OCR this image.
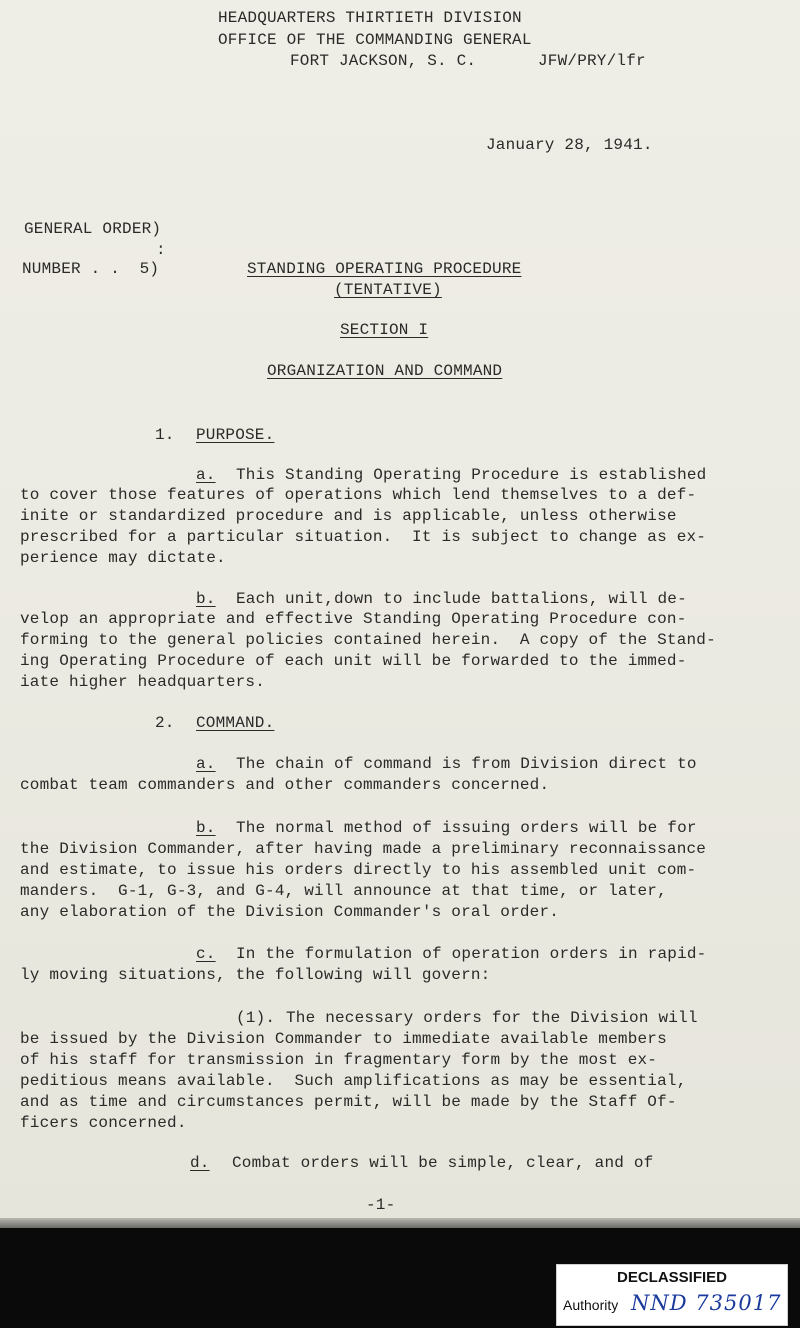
HEADQUARTERS THIRTIETH DIVISION
OFFICE OF THE COMMANDING GENERAL
FORT JACKSON, S. C.	JFW/PRY/lfr
January 28, 1941.
GENERAL ORDER)
:
NUMBER . .  5)	STANDING OPERATING PROCEDURE
(TENTATIVE)
SECTION I
ORGANIZATION AND COMMAND
1. PURPOSE.
a. This Standing Operating Procedure is established
to cover those features of operations which lend themselves to a def-
inite or standardized procedure and is applicable, unless otherwise
prescribed for a particular situation.  It is subject to change as ex-
perience may dictate.
b. Each unit,down to include battalions, will de-
velop an appropriate and effective Standing Operating Procedure con-
forming to the general policies contained herein.  A copy of the Stand-
ing Operating Procedure of each unit will be forwarded to the immed-
iate higher headquarters.
2. COMMAND.
a. The chain of command is from Division direct to
combat team commanders and other commanders concerned.
b. The normal method of issuing orders will be for
the Division Commander, after having made a preliminary reconnaissance
and estimate, to issue his orders directly to his assembled unit com-
manders.  G-1, G-3, and G-4, will announce at that time, or later,
any elaboration of the Division Commander's oral order.
c. In the formulation of operation orders in rapid-
ly moving situations, the following will govern:
(1). The necessary orders for the Division will
be issued by the Division Commander to immediate available members
of his staff for transmission in fragmentary form by the most ex-
peditious means available.  Such amplifications as may be essential,
and as time and circumstances permit, will be made by the Staff Of-
ficers concerned.
d. Combat orders will be simple, clear, and of
-1-
DECLASSIFIED
Authority NND 735017
